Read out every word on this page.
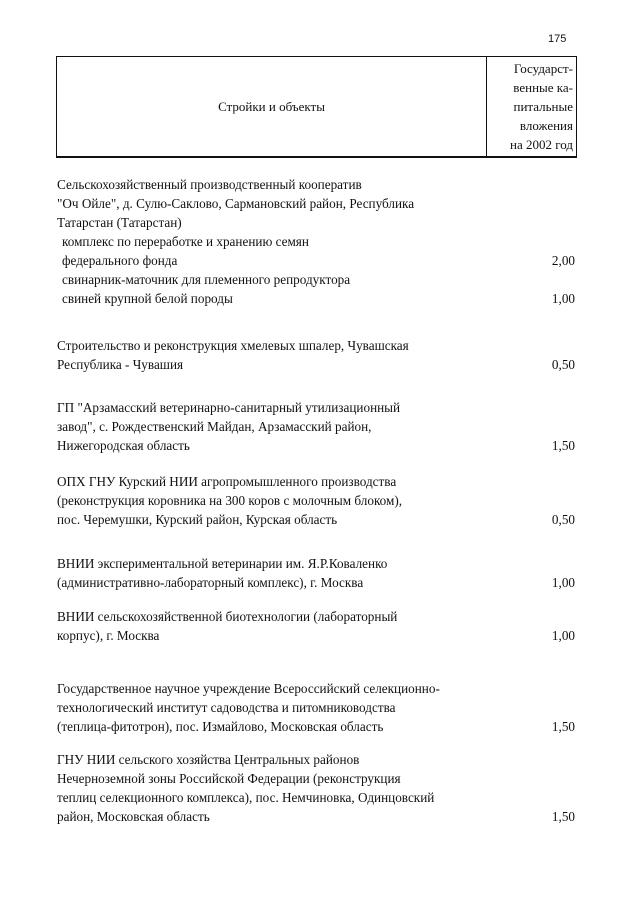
175
Стройки и объекты
Государст-
венные ка-
питальные
вложения
на 2002 год
Сельскохозяйственный производственный кооператив
"Оч Ойле", д. Сулю-Саклово, Сармановский район, Республика
Татарстан (Татарстан)
комплекс по переработке и хранению семян
федерального фонда	2,00
свинарник-маточник для племенного репродуктора
свиней крупной белой породы	1,00
Строительство и реконструкция хмелевых шпалер, Чувашская
Республика - Чувашия	0,50
ГП "Арзамасский ветеринарно-санитарный утилизационный
завод", с. Рождественский Майдан, Арзамасский район,
Нижегородская область	1,50
ОПХ ГНУ Курский НИИ агропромышленного производства
(реконструкция коровника на 300 коров с молочным блоком),
пос. Черемушки, Курский район, Курская область	0,50
ВНИИ экспериментальной ветеринарии им. Я.Р.Коваленко
(административно-лабораторный комплекс), г. Москва	1,00
ВНИИ сельскохозяйственной биотехнологии (лабораторный
корпус), г. Москва	1,00
Государственное научное учреждение Всероссийский селекционно-
технологический институт садоводства и питомниководства
(теплица-фитотрон), пос. Измайлово, Московская область	1,50
ГНУ НИИ сельского хозяйства Центральных районов
Нечерноземной зоны Российской Федерации (реконструкция
теплиц селекционного комплекса), пос. Немчиновка, Одинцовский
район, Московская область	1,50
